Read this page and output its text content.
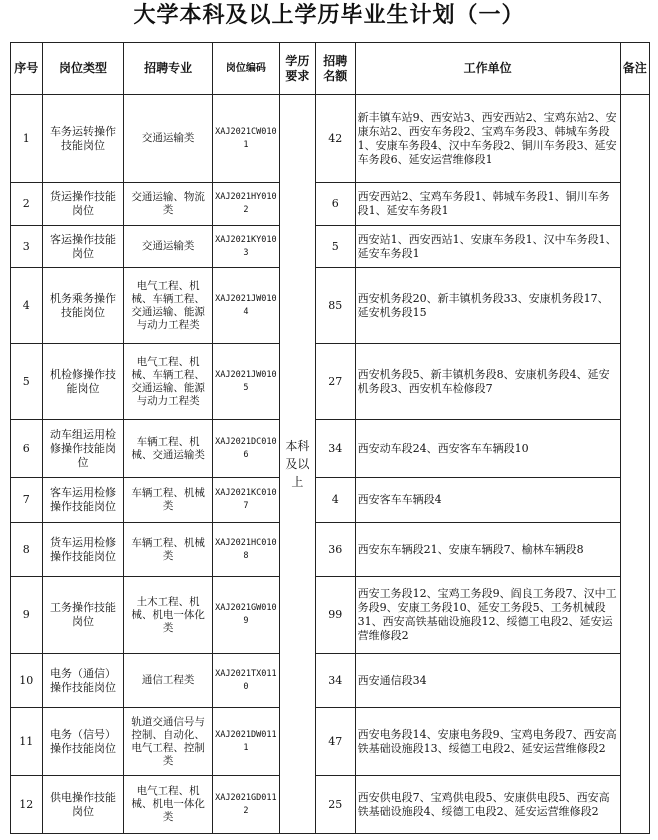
大学本科及以上学历毕业生计划（一）
序号	岗位类型	招聘专业	岗位编码	学历要求	招聘名额	工作单位	备注
1	车务运转操作技能岗位	交通运输类	XAJ2021CW0101	本科及以上	42	新丰镇车站9、西安站3、西安西站2、宝鸡东站2、安康东站2、西安车务段2、宝鸡车务段3、韩城车务段1、安康车务段4、汉中车务段2、铜川车务段3、延安车务段6、延安运营维修段1	
2	货运操作技能岗位	交通运输、物流类	XAJ2021HY0102		6	西安西站2、宝鸡车务段1、韩城车务段1、铜川车务段1、延安车务段1	
3	客运操作技能岗位	交通运输类	XAJ2021KY0103		5	西安站1、西安西站1、安康车务段1、汉中车务段1、延安车务段1	
4	机务乘务操作技能岗位	电气工程、机械、车辆工程、交通运输、能源与动力工程类	XAJ2021JW0104		85	西安机务段20、新丰镇机务段33、安康机务段17、延安机务段15	
5	机检修操作技能岗位	电气工程、机械、车辆工程、交通运输、能源与动力工程类	XAJ2021JW0105		27	西安机务段5、新丰镇机务段8、安康机务段4、延安机务段3、西安机车检修段7	
6	动车组运用检修操作技能岗位	车辆工程、机械、交通运输类	XAJ2021DC0106		34	西安动车段24、西安客车车辆段10	
7	客车运用检修操作技能岗位	车辆工程、机械类	XAJ2021KC0107		4	西安客车车辆段4	
8	货车运用检修操作技能岗位	车辆工程、机械类	XAJ2021HC0108		36	西安东车辆段21、安康车辆段7、榆林车辆段8	
9	工务操作技能岗位	土木工程、机械、机电一体化类	XAJ2021GW0109		99	西安工务段12、宝鸡工务段9、阎良工务段7、汉中工务段9、安康工务段10、延安工务段5、工务机械段31、西安高铁基础设施段12、绥德工电段2、延安运营维修段2	
10	电务（通信）操作技能岗位	通信工程类	XAJ2021TX0110		34	西安通信段34	
11	电务（信号）操作技能岗位	轨道交通信号与控制、自动化、电气工程、控制类	XAJ2021DW0111		47	西安电务段14、安康电务段9、宝鸡电务段7、西安高铁基础设施段13、绥德工电段2、延安运营维修段2	
12	供电操作技能岗位	电气工程、机械、机电一体化类	XAJ2021GD0112		25	西安供电段7、宝鸡供电段5、安康供电段5、西安高铁基础设施段4、绥德工电段2、延安运营维修段2	
